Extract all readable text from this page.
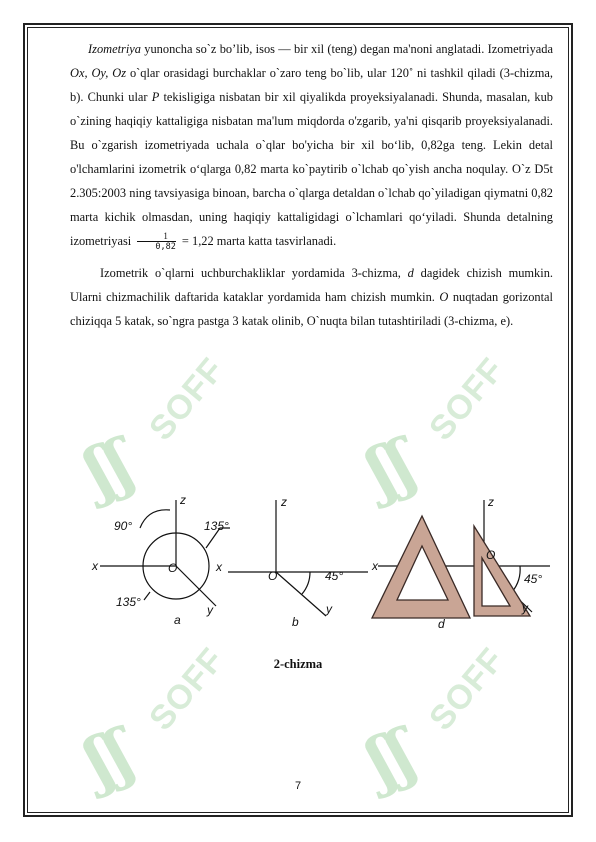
ʃʃ
SOFF
ʃʃ
SOFF
ʃʃ
SOFF
ʃʃ
SOFF

Izometriya yunoncha so`z bo’lib, isos — bir xil (teng) degan ma'noni anglatadi. Izometriyada Ox, Oy, Oz o`qlar orasidagi burchaklar o`zaro teng bo`lib, ular 120˚ ni tashkil qiladi (3-chizma, b). Chunki ular P tekisligiga nisbatan bir xil qiyalikda proyeksiyalanadi. Shunda, masalan, kub o`zining haqiqiy kattaligiga nisbatan ma'lum miqdorda o'zgarib, ya'ni qisqarib proyeksiyalanadi. Bu o`zgarish izometriyada uchala o`qlar bo'yicha bir xil bo‘lib, 0,82ga teng. Lekin detal o'lchamlarini izometrik o‘qlarga 0,82 marta ko`paytirib o`lchab qo`yish ancha noqulay. O`z D5t 2.305:2003 ning tavsiyasiga binoan, barcha o`qlarga detaldan o`lchab qo`yiladigan qiymatni 0,82 marta kichik olmasdan, uning haqiqiy kattaligidagi o`lchamlari qo‘yiladi. Shunda detalning izometriyasi $\frac{1}{0,82} = 1,22$ marta katta tasvirlanadi.

Izometrik o`qlarni uchburchakliklar yordamida 3-chizma, d dagidek chizish mumkin. Ularni chizmachilik daftarida kataklar yordamida ham chizish mumkin. O nuqtadan gorizontal chiziqqa 5 katak, so`ngra pastga 3 katak olinib, O`nuqta bilan tutashtiriladi (3-chizma, e).

z
x
y
O
90°	135°
135°
a
z
x
y
O	45°
b
z
x
y
O
45°
d
2-chizma
7
